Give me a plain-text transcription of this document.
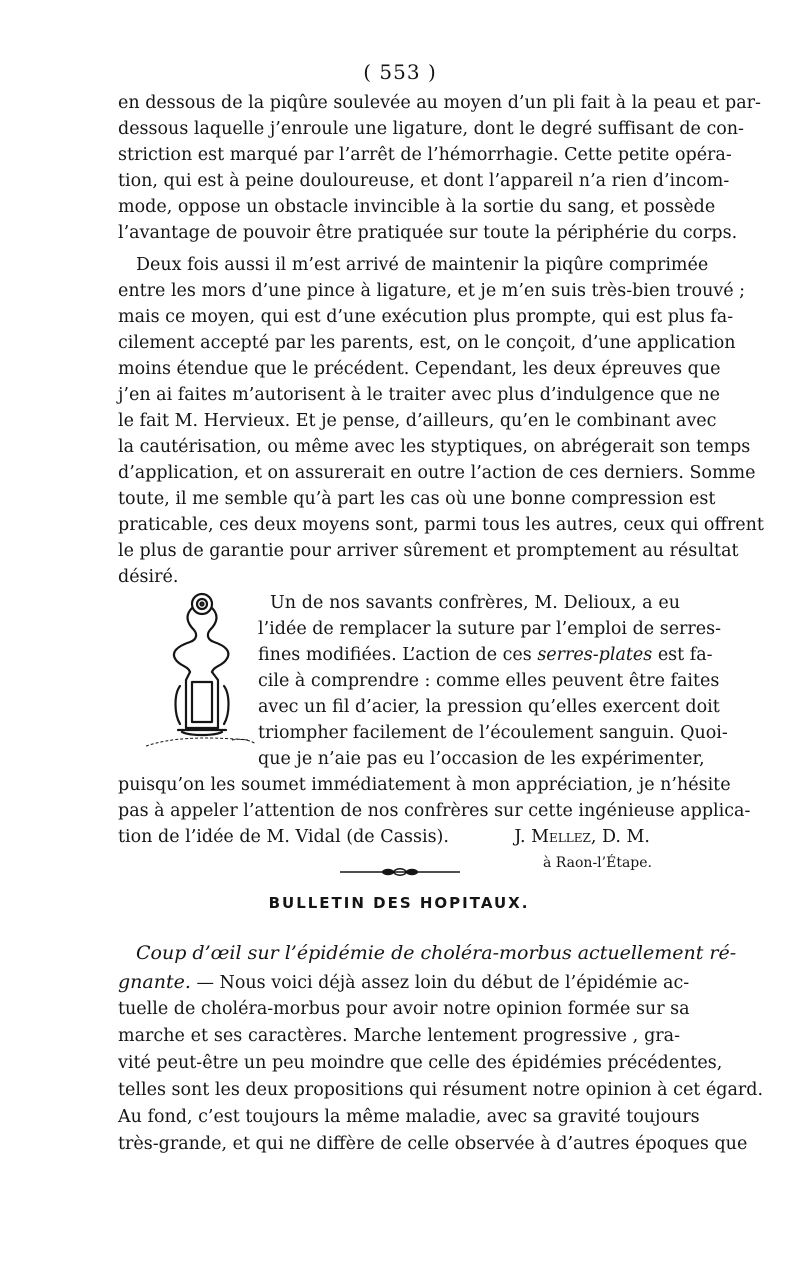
( 553 )
en dessous de la piqûre soulevée au moyen d’un pli fait à la peau et par-
dessous laquelle j’enroule une ligature, dont le degré suffisant de con-
striction est marqué par l’arrêt de l’hémorrhagie. Cette petite opéra-
tion, qui est à peine douloureuse, et dont l’appareil n’a rien d’incom-
mode, oppose un obstacle invincible à la sortie du sang, et possède
l’avantage de pouvoir être pratiquée sur toute la périphérie du corps.
Deux fois aussi il m’est arrivé de maintenir la piqûre comprimée
entre les mors d’une pince à ligature, et je m’en suis très-bien trouvé ;
mais ce moyen, qui est d’une exécution plus prompte, qui est plus fa-
cilement accepté par les parents, est, on le conçoit, d’une application
moins étendue que le précédent. Cependant, les deux épreuves que
j’en ai faites m’autorisent à le traiter avec plus d’indulgence que ne
le fait M. Hervieux. Et je pense, d’ailleurs, qu’en le combinant avec
la cautérisation, ou même avec les styptiques, on abrégerait son temps
d’application, et on assurerait en outre l’action de ces derniers. Somme
toute, il me semble qu’à part les cas où une bonne compression est
praticable, ces deux moyens sont, parmi tous les autres, ceux qui offrent
le plus de garantie pour arriver sûrement et promptement au résultat
désiré.
Un de nos savants confrères, M. Delioux, a eu
l’idée de remplacer la suture par l’emploi de serres-
fines modifiées. L’action de ces serres-plates est fa-
cile à comprendre : comme elles peuvent être faites
avec un fil d’acier, la pression qu’elles exercent doit
triompher facilement de l’écoulement sanguin. Quoi-
que je n’aie pas eu l’occasion de les expérimenter,
puisqu’on les soumet immédiatement à mon appréciation, je n’hésite
pas à appeler l’attention de nos confrères sur cette ingénieuse applica-
tion de l’idée de M. Vidal (de Cassis).	J. Mellez, D. M.
à Raon-l’Étape.
BULLETIN DES HOPITAUX.
Coup d’œil sur l’épidémie de choléra-morbus actuellement ré-
gnante. — Nous voici déjà assez loin du début de l’épidémie ac-
tuelle de choléra-morbus pour avoir notre opinion formée sur sa
marche et ses caractères. Marche lentement progressive , gra-
vité peut-être un peu moindre que celle des épidémies précédentes,
telles sont les deux propositions qui résument notre opinion à cet égard.
Au fond, c’est toujours la même maladie, avec sa gravité toujours
très-grande, et qui ne diffère de celle observée à d’autres époques que
